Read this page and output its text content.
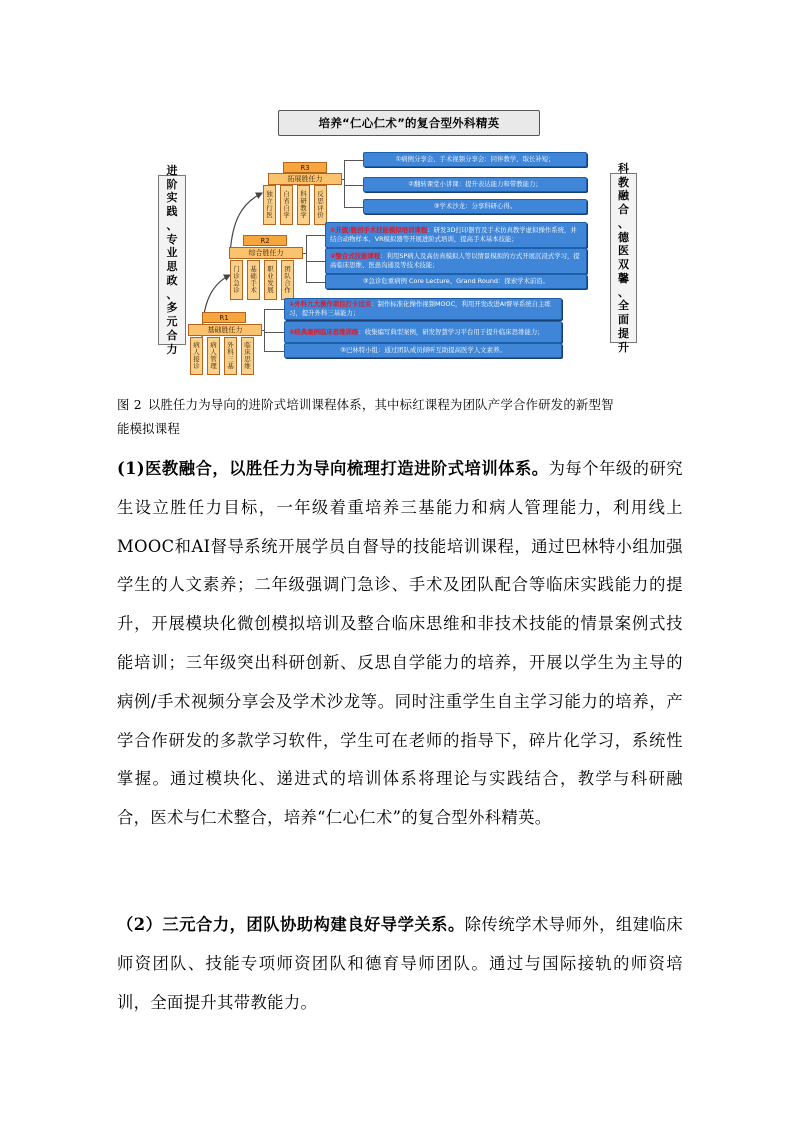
培养“仁心仁术”的复合型外科精英
进
阶
实
践
、
专
业
思
政
、
多
元
合
力
科
教
融
合
、
德
医
双
馨
、
全
面
提
升
R3
拓展胜任力
独
立
行
医
自
省
自
学
科
研
教
学
反
思
评
价
①病例分享会、手术视频分享会：同伴教学、取长补短；
②翻转课堂小讲课：提升表达能力和带教能力；
③学术沙龙：分享科研心得。
R2
综合胜任力
门
诊
急
诊
基
础
手
术
职
业
发
展
团
队
合
作
①开腹/腹创手术技能模拟培训课程：研发3D打印器官及手术仿真教学虚拟操作系统，并结合动物样本、VR模拟器等开展进阶式培训，提高手术基本技能；
②整合式技能课程：利用SP病人及高仿真模拟人等以情景模拟的方式开展沉浸式学习，提高临床思维、医患沟通及等技术技能；
③急诊危重病例 Core Lecture、Grand Round：探索学术前沿。
R1
基础胜任力
病
人
接
诊
病
人
管
理
外
科
三
基
临
床
思
维
①外科九大操作项目打卡过关：制作标准化操作视频MOOC，利用开发改进AI督导系统自主练习，提升外科三基能力；
②经典案例临床思维训练：收集编写典型案例，研发智慧学习平台用于提升临床思维能力；
③巴林特小组：通过团队成员倾听互助提高医学人文素养。
图 2 以胜任力为导向的进阶式培训课程体系，其中标红课程为团队产学合作研发的新型智
能模拟课程
(1)医教融合，以胜任力为导向梳理打造进阶式培训体系。为每个年级的研究生设立胜任力目标，一年级着重培养三基能力和病人管理能力，利用线上MOOC和AI督导系统开展学员自督导的技能培训课程，通过巴林特小组加强学生的人文素养；二年级强调门急诊、手术及团队配合等临床实践能力的提升，开展模块化微创模拟培训及整合临床思维和非技术技能的情景案例式技能培训；三年级突出科研创新、反思自学能力的培养，开展以学生为主导的病例/手术视频分享会及学术沙龙等。同时注重学生自主学习能力的培养，产学合作研发的多款学习软件，学生可在老师的指导下，碎片化学习，系统性掌握。通过模块化、递进式的培训体系将理论与实践结合，教学与科研融合，医术与仁术整合，培养“仁心仁术”的复合型外科精英。
（2）三元合力，团队协助构建良好导学关系。除传统学术导师外，组建临床师资团队、技能专项师资团队和德育导师团队。通过与国际接轨的师资培训，全面提升其带教能力。
